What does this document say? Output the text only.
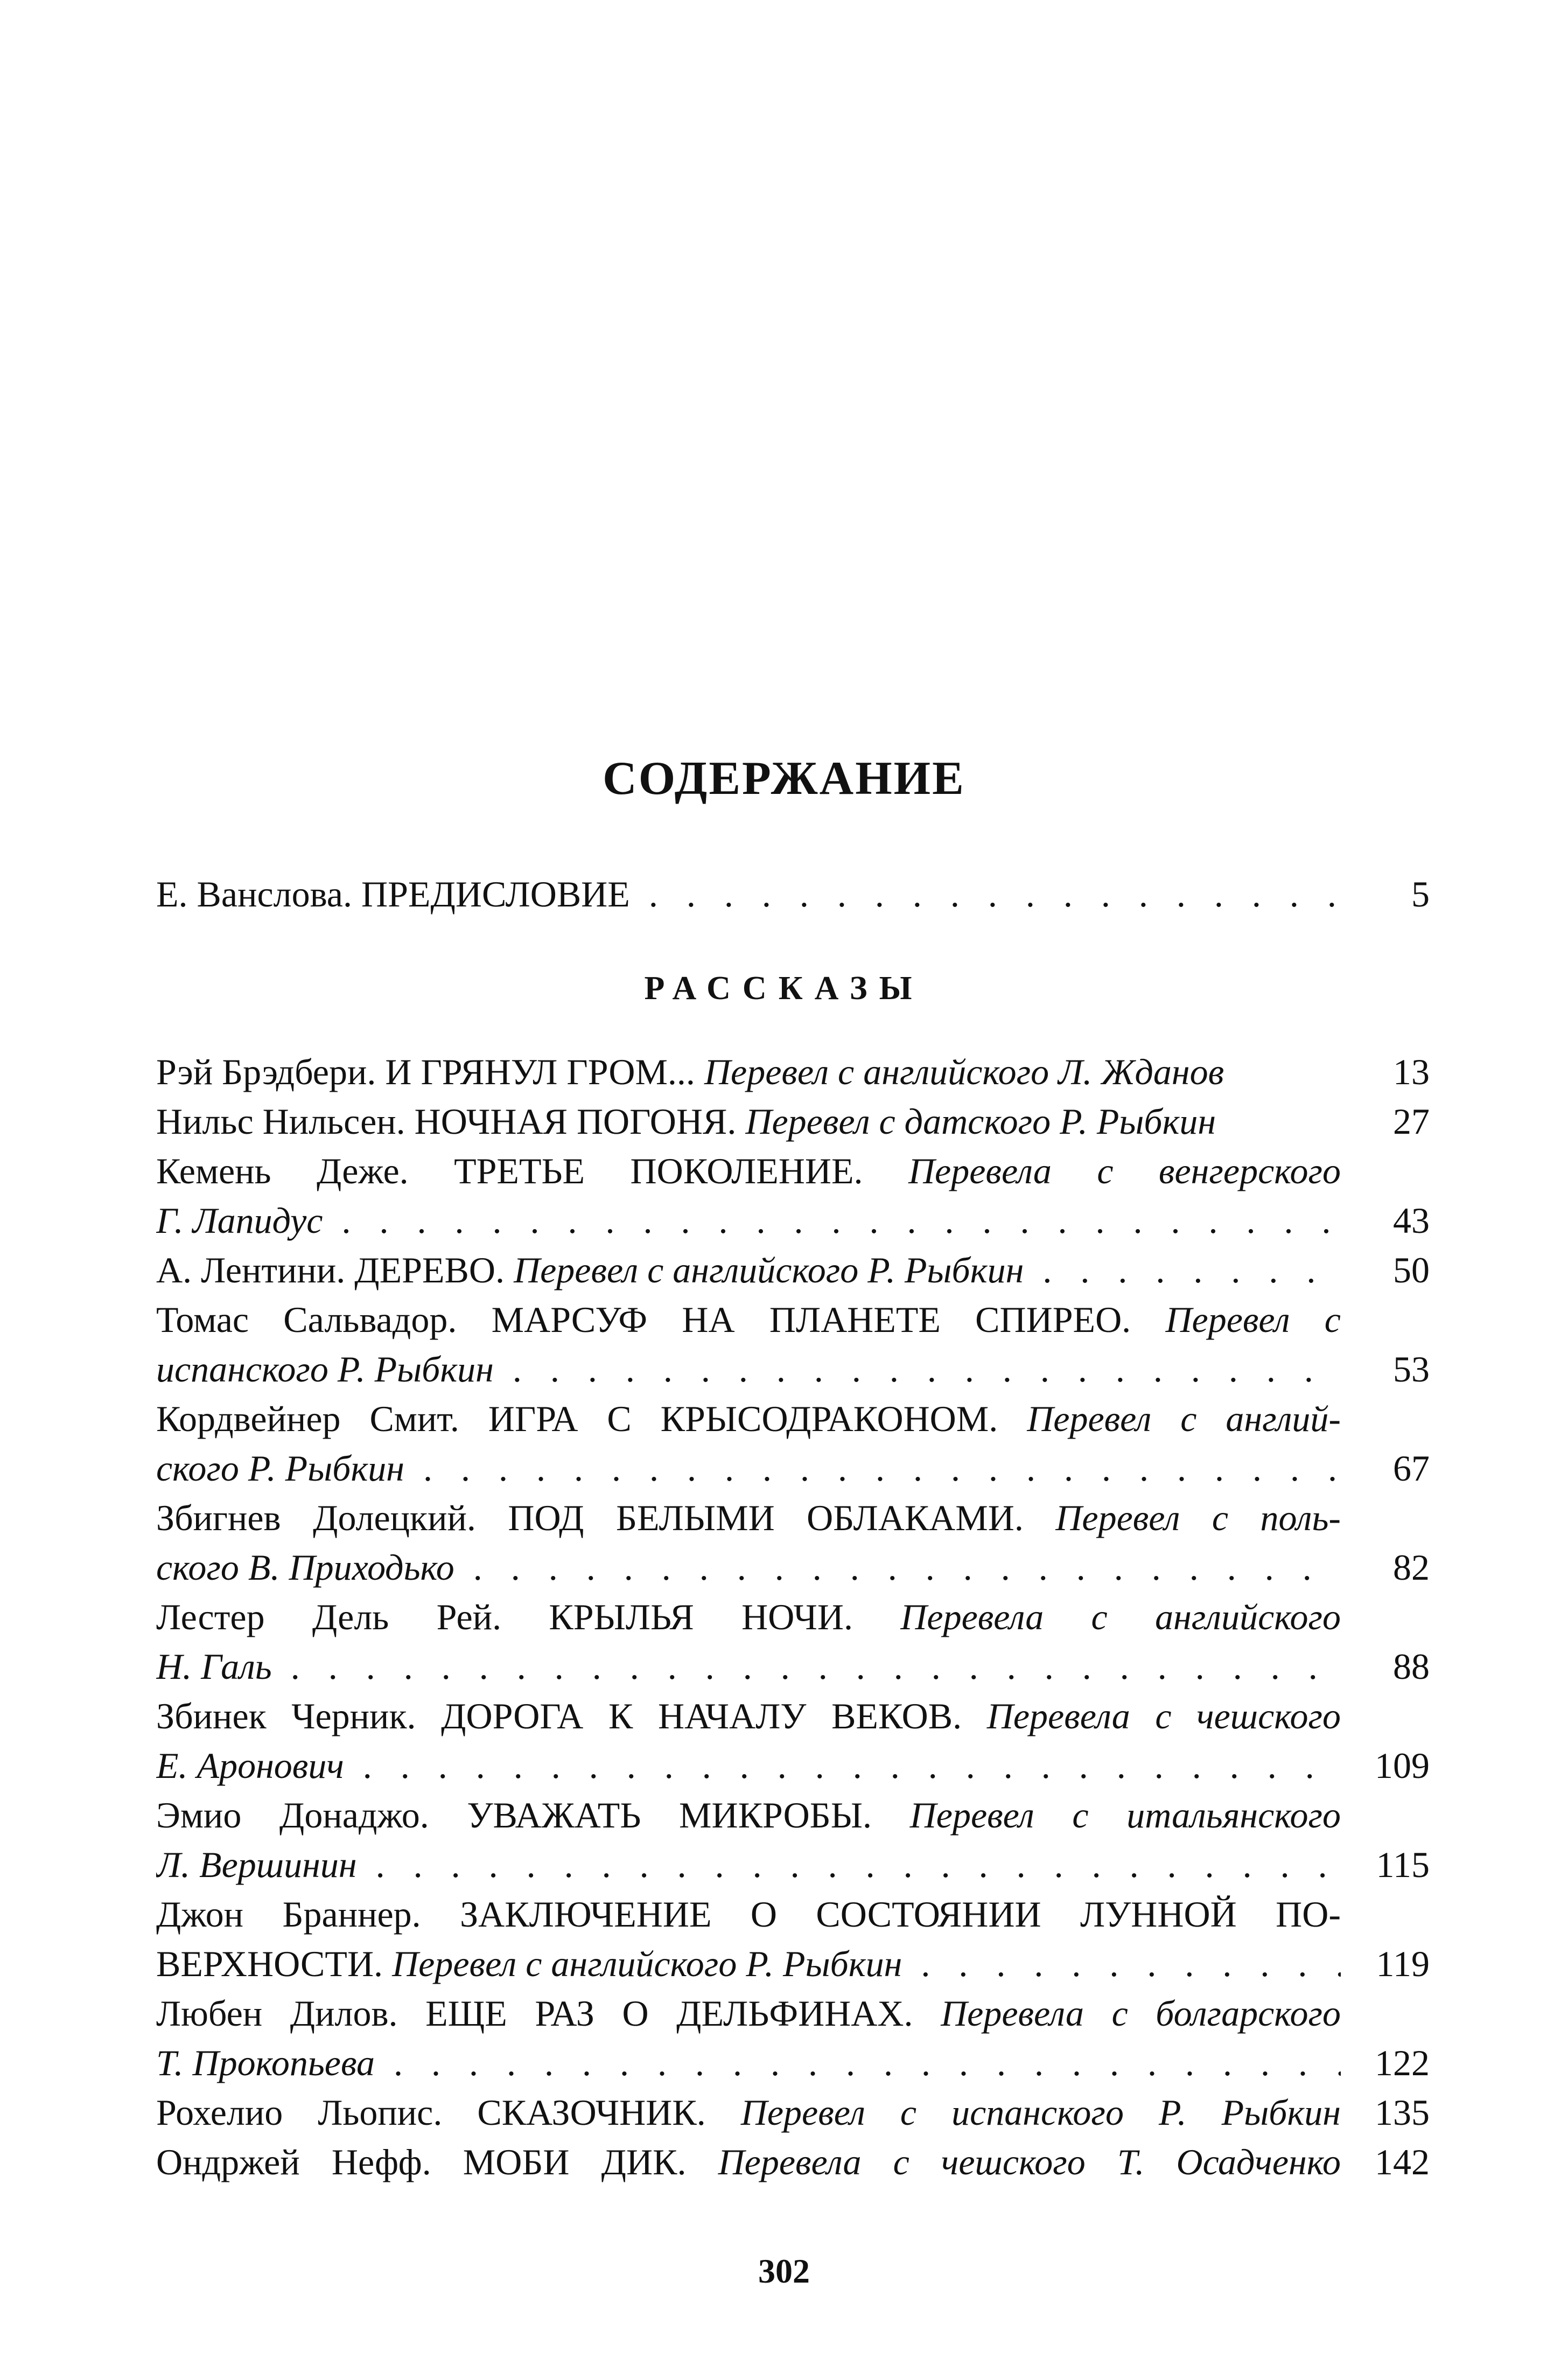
СОДЕРЖАНИЕ
Е. Ванслова. ПРЕДИСЛОВИЕ . . .	5
РАССКАЗЫ
Рэй Брэдбери. И ГРЯНУЛ ГРОМ... Перевел с английского Л. Жданов	13
Нильс Нильсен. НОЧНАЯ ПОГОНЯ. Перевел с датского Р. Рыбкин	27
Кемень Деже. ТРЕТЬЕ ПОКОЛЕНИЕ. Перевела с венгерского
Г. Лапидус . . .	43
А. Лентини. ДЕРЕВО. Перевел с английского Р. Рыбкин . . .	50
Томас Сальвадор. МАРСУФ НА ПЛАНЕТЕ СПИРЕО. Перевел с
испанского Р. Рыбкин . . .	53
Кордвейнер Смит. ИГРА С КРЫСОДРАКОНОМ. Перевел с англий-
ского Р. Рыбкин . . .	67
Збигнев Долецкий. ПОД БЕЛЫМИ ОБЛАКАМИ. Перевел с поль-
ского В. Приходько . . .	82
Лестер Дель Рей. КРЫЛЬЯ НОЧИ. Перевела с английского
Н. Галь . . .	88
Збинек Черник. ДОРОГА К НАЧАЛУ ВЕКОВ. Перевела с чешского
Е. Аронович . . .	109
Эмио Донаджо. УВАЖАТЬ МИКРОБЫ. Перевел с итальянского
Л. Вершинин . . .	115
Джон Браннер. ЗАКЛЮЧЕНИЕ О СОСТОЯНИИ ЛУННОЙ ПО-
ВЕРХНОСТИ. Перевел с английского Р. Рыбкин . . .	119
Любен Дилов. ЕЩЕ РАЗ О ДЕЛЬФИНАХ. Перевела с болгарского
Т. Прокопьева . . .	122
Рохелио Льопис. СКАЗОЧНИК. Перевел с испанского Р. Рыбкин 135
Ондржей Нефф. МОБИ ДИК. Перевела с чешского Т. Осадченко 142
302
